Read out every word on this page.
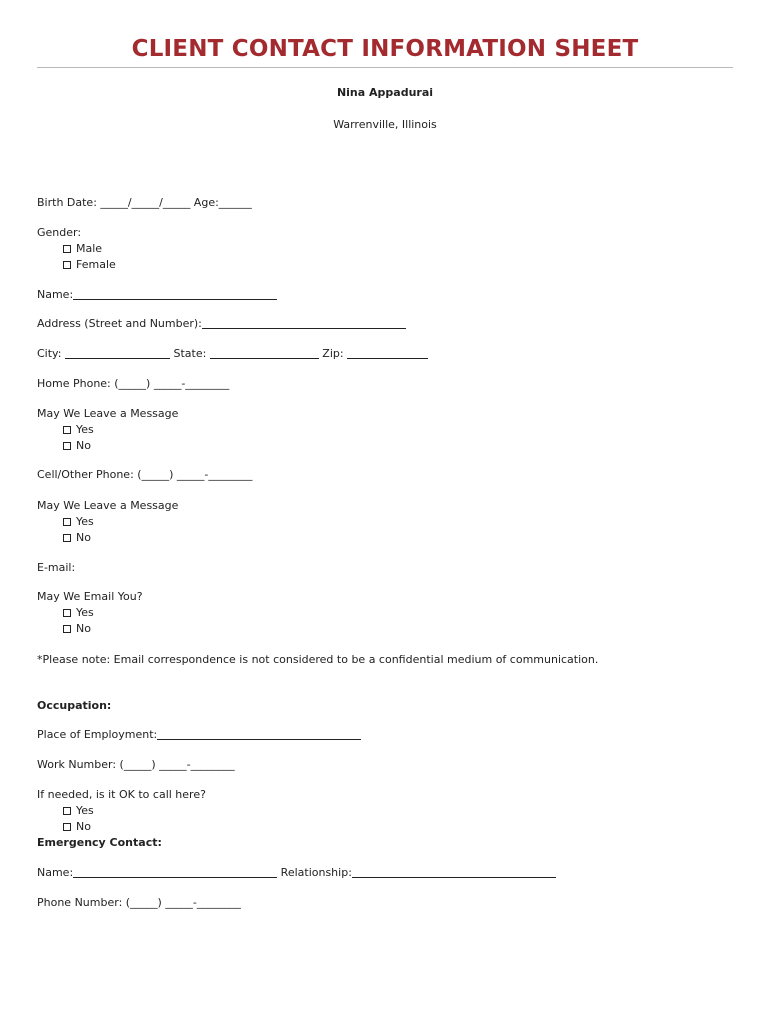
CLIENT CONTACT INFORMATION SHEET
Nina Appadurai
Warrenville, Illinois
Birth Date: _____/_____/_____ Age:______
Gender:
Male
Female
Name:
Address (Street and Number):
City:	State:	Zip:
Home Phone: (_____) _____-________
May We Leave a Message
Yes
No
Cell/Other Phone: (_____) _____-________
May We Leave a Message
Yes
No
E-mail:
May We Email You?
Yes
No
*Please note: Email correspondence is not considered to be a confidential medium of communication.
Occupation:
Place of Employment:
Work Number: (_____) _____-________
If needed, is it OK to call here?
Yes
No
Emergency Contact:
Name:	Relationship:
Phone Number: (_____) _____-________
